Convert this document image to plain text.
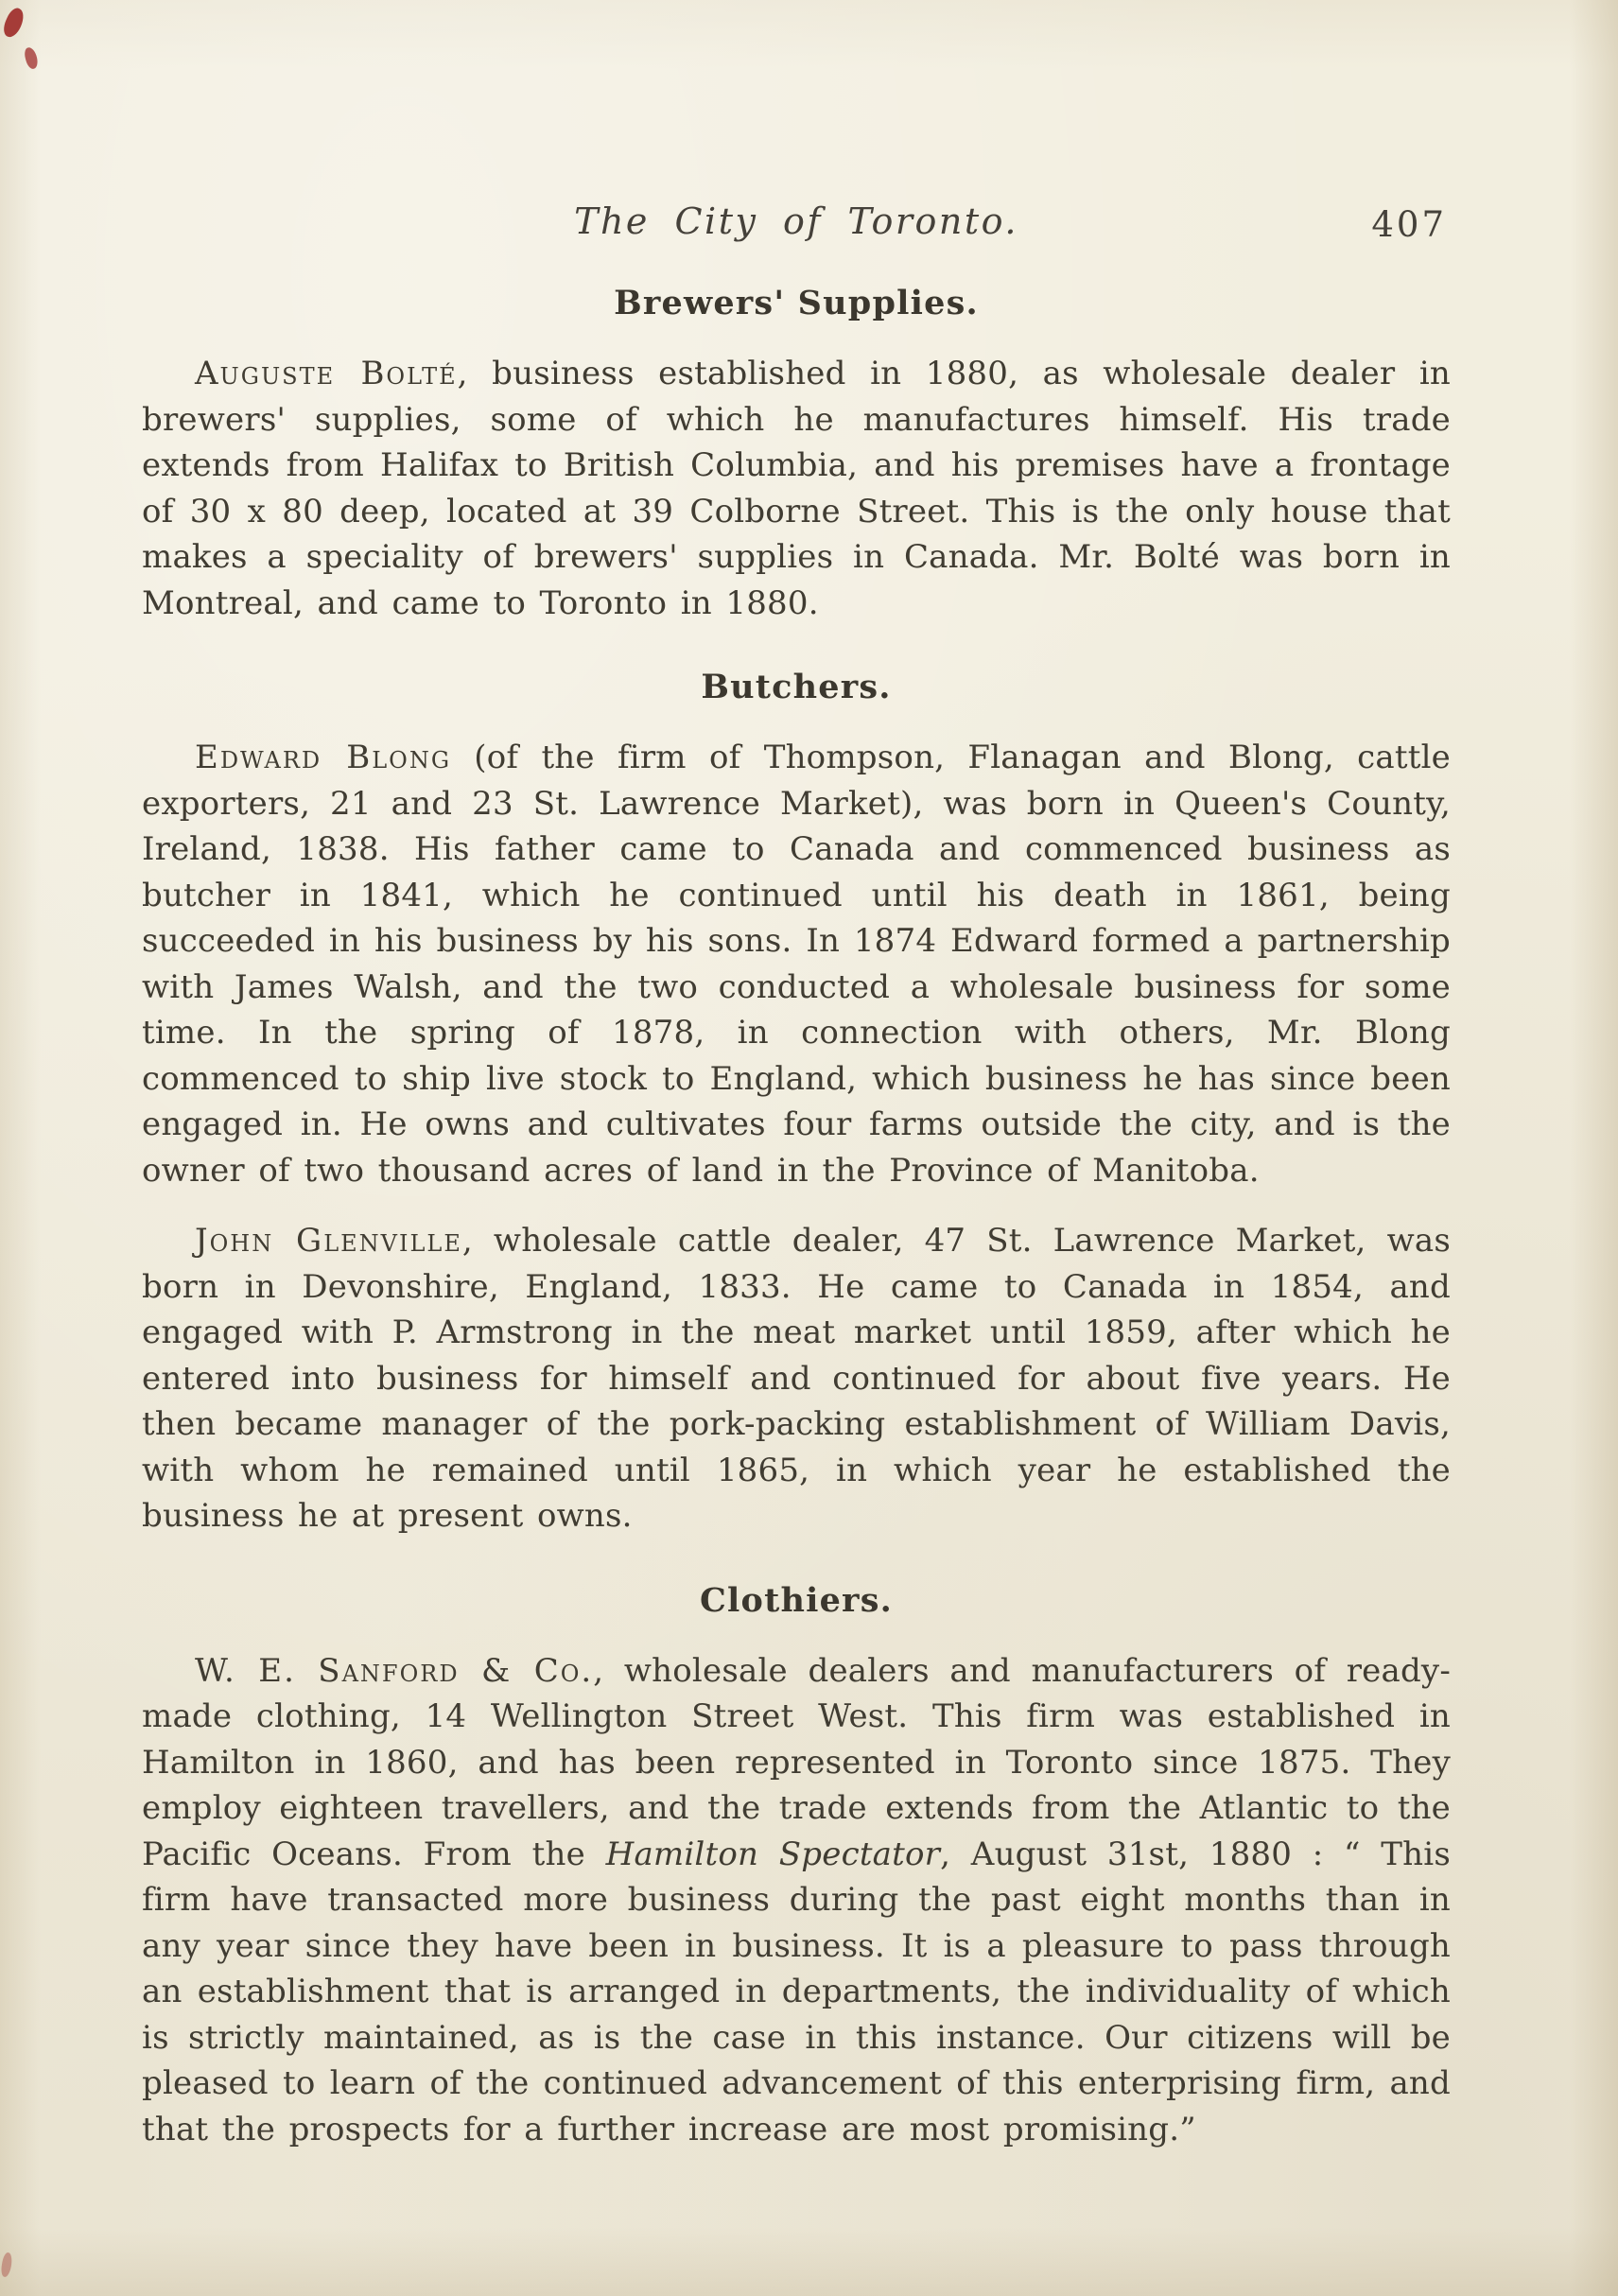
The City of Toronto.	407
Brewers' Supplies.

Auguste Bolté, business established in 1880, as wholesale dealer in brewers' supplies, some of which he manufactures himself. His trade extends from Halifax to British Columbia, and his premises have a frontage of 30 x 80 deep, located at 39 Colborne Street. This is the only house that makes a speciality of brewers' supplies in Canada. Mr. Bolté was born in Montreal, and came to Toronto in 1880.

Butchers.

Edward Blong (of the firm of Thompson, Flanagan and Blong, cattle exporters, 21 and 23 St. Lawrence Market), was born in Queen's County, Ireland, 1838. His father came to Canada and commenced business as butcher in 1841, which he continued until his death in 1861, being succeeded in his business by his sons. In 1874 Edward formed a partnership with James Walsh, and the two conducted a wholesale business for some time. In the spring of 1878, in connection with others, Mr. Blong commenced to ship live stock to England, which business he has since been engaged in. He owns and cultivates four farms outside the city, and is the owner of two thousand acres of land in the Province of Manitoba.

John Glenville, wholesale cattle dealer, 47 St. Lawrence Market, was born in Devonshire, England, 1833. He came to Canada in 1854, and engaged with P. Armstrong in the meat market until 1859, after which he entered into business for himself and continued for about five years. He then became manager of the pork-packing establishment of William Davis, with whom he remained until 1865, in which year he established the business he at present owns.

Clothiers.

W. E. Sanford & Co., wholesale dealers and manufacturers of ready-made clothing, 14 Wellington Street West. This firm was established in Hamilton in 1860, and has been represented in Toronto since 1875. They employ eighteen travellers, and the trade extends from the Atlantic to the Pacific Oceans. From the Hamilton Spectator, August 31st, 1880 : “ This firm have transacted more business during the past eight months than in any year since they have been in business. It is a pleasure to pass through an establishment that is arranged in departments, the individuality of which is strictly maintained, as is the case in this instance. Our citizens will be pleased to learn of the continued advancement of this enterprising firm, and that the prospects for a further increase are most promising.”
